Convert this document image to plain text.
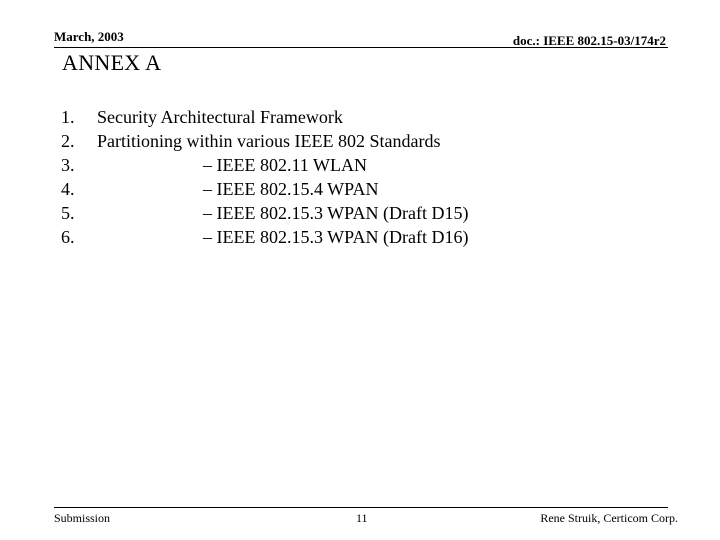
March, 2003	doc.: IEEE 802.15-03/174r2
ANNEX A
1. Security Architectural Framework
2. Partitioning within various IEEE 802 Standards
3.	– IEEE 802.11 WLAN
4.	– IEEE 802.15.4 WPAN
5.	– IEEE 802.15.3 WPAN (Draft D15)
6.	– IEEE 802.15.3 WPAN (Draft D16)
Submission	11	Rene Struik, Certicom Corp.
